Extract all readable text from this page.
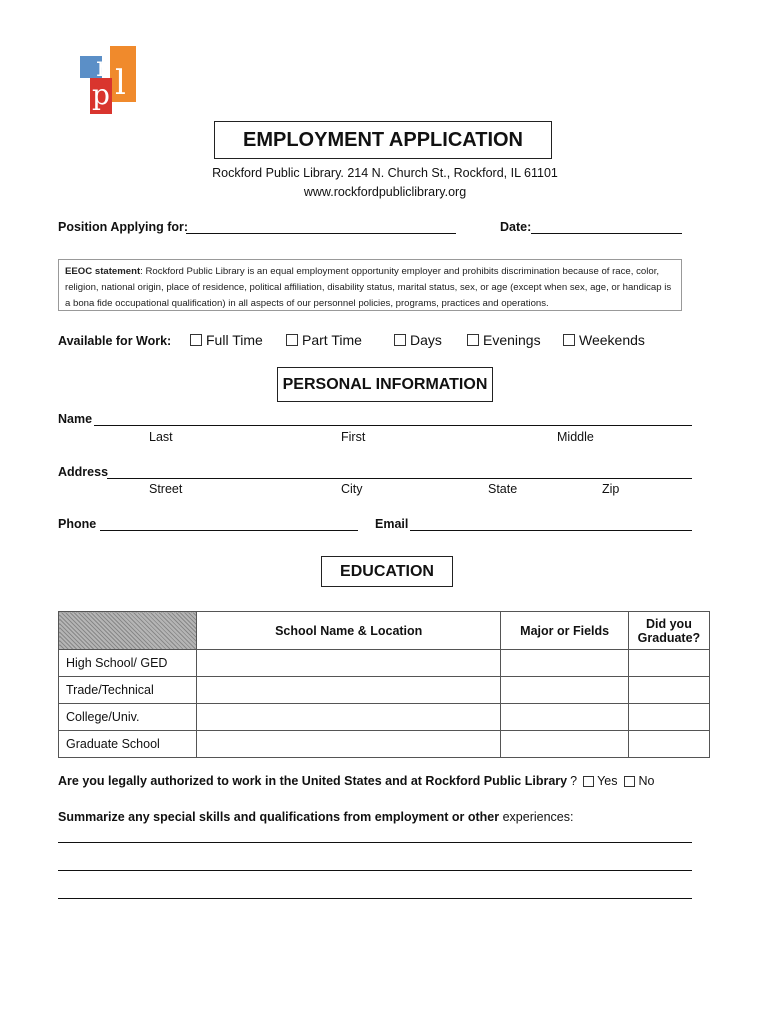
r l
p
EMPLOYMENT APPLICATION
Rockford Public Library. 214 N. Church St., Rockford, IL 61101
www.rockfordpubliclibrary.org
Position Applying for:	Date:
EEOC statement: Rockford Public Library is an equal employment opportunity employer and prohibits discrimination because of race, color, religion, national origin, place of residence, political affiliation, disability status, marital status, sex, or age (except when sex, age, or handicap is a bona fide occupational qualification) in all aspects of our personnel policies, programs, practices and operations.
Available for Work: Full Time	Part Time	Days	Evenings	Weekends
PERSONAL INFORMATION
Name
Last	First	Middle
Address
Street	City	State	Zip
Phone	Email
EDUCATION
	School Name & Location	Major or Fields	Did you Graduate?
High School/ GED			
Trade/Technical			
College/Univ.			
Graduate School			
Are you legally authorized to work in the United States and at Rockford Public Library ? Yes No
Summarize any special skills and qualifications from employment or other experiences:
